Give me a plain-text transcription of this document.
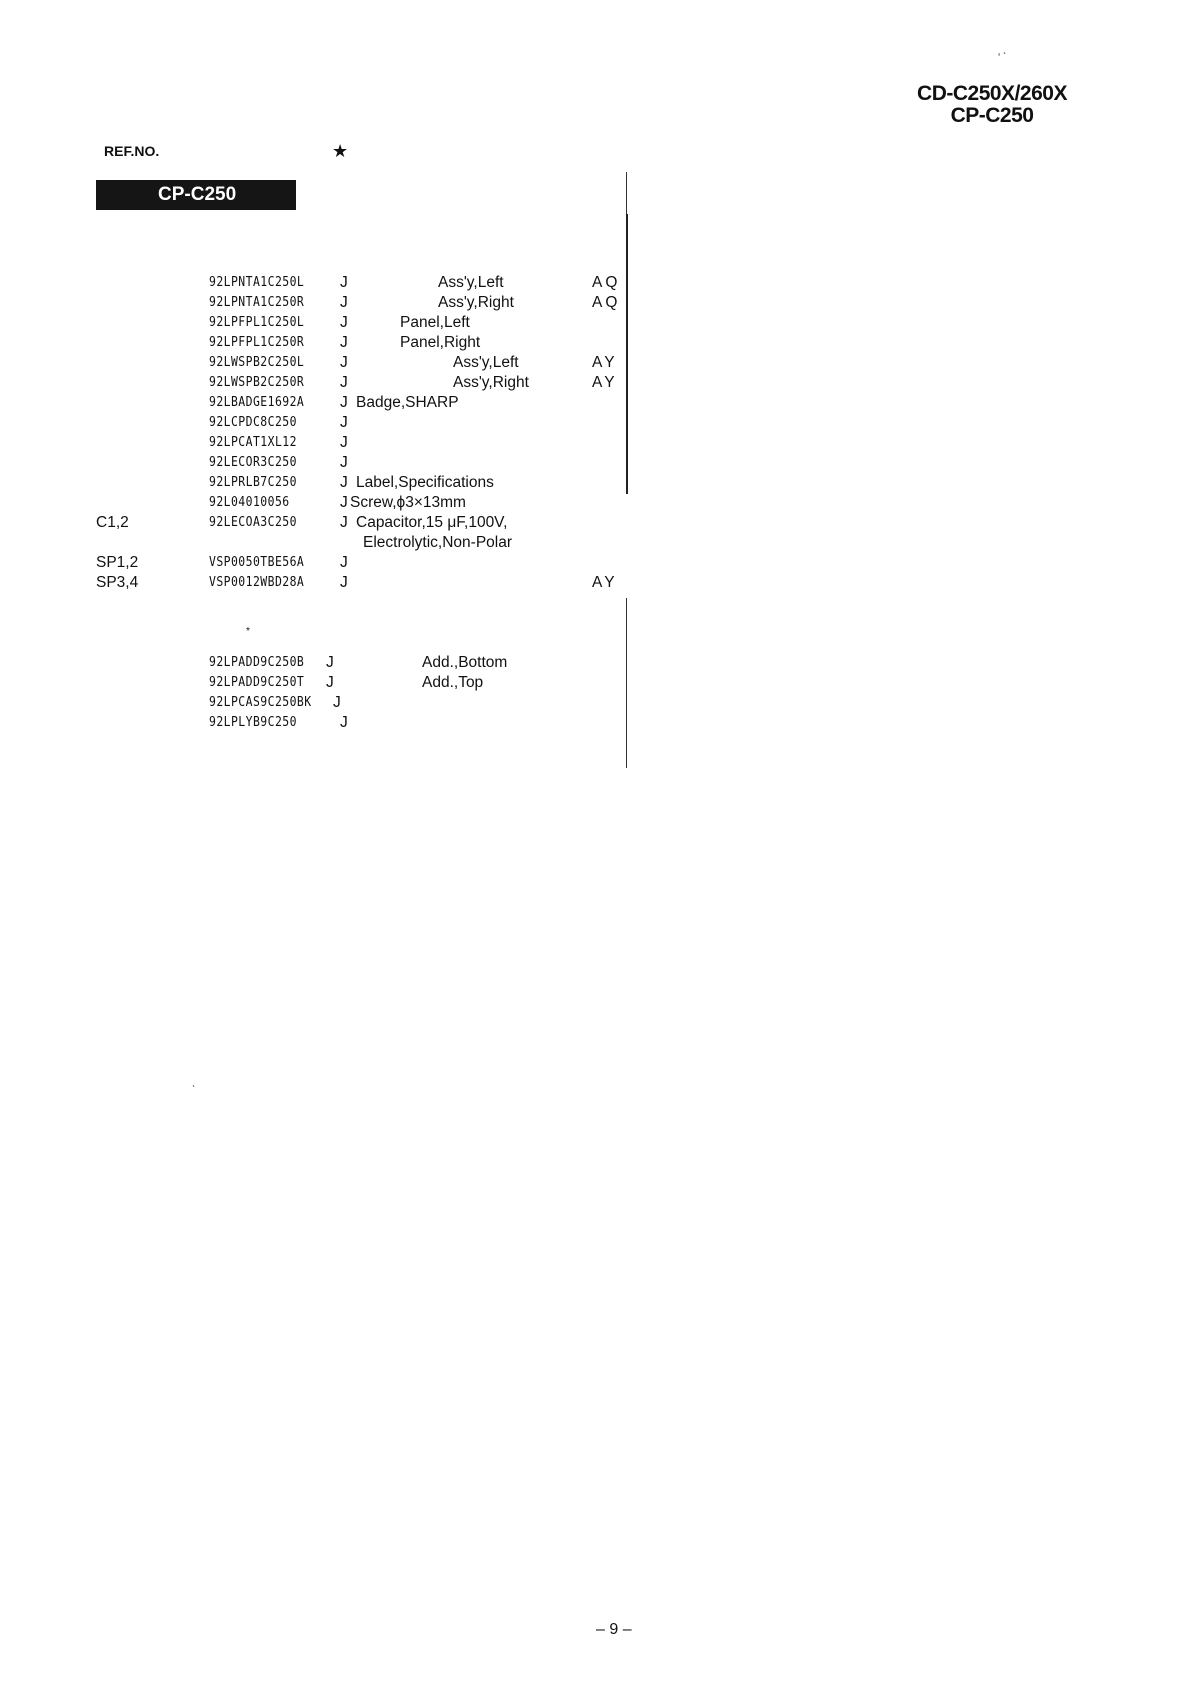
‘ ˋ
CD-C250X/260X
CP-C250
REF.NO.	★
CP-C250
92LPNTA1C250L J	Ass'y,Left	AQ
92LPNTA1C250R J	Ass'y,Right	AQ
92LPFPL1C250L J	Panel,Left
92LPFPL1C250R J	Panel,Right
92LWSPB2C250L J	Ass'y,Left	AY
92LWSPB2C250R J	Ass'y,Right	AY
92LBADGE1692A J Badge,SHARP
92LCPDC8C250	J
92LPCAT1XL12	J
92LECŌR3C250	J
92LPRLB7C250	J Label,Specifications
92L04010056	J Screw,ϕ3×13mm
C1,2	92LECŌA3C250	J Capacitor,15 μF,100V,
Electrolytic,Non-Polar
SP1,2	VSP0050TBE56A J
SP3,4	VSP0012WBD28A J	AY
*
92LPADD9C250B J	Add.,Bottom
92LPADD9C250T J	Add.,Top
92LPCAS9C250BK J
92LPLYB9C250	J
ˋ
– 9 –
